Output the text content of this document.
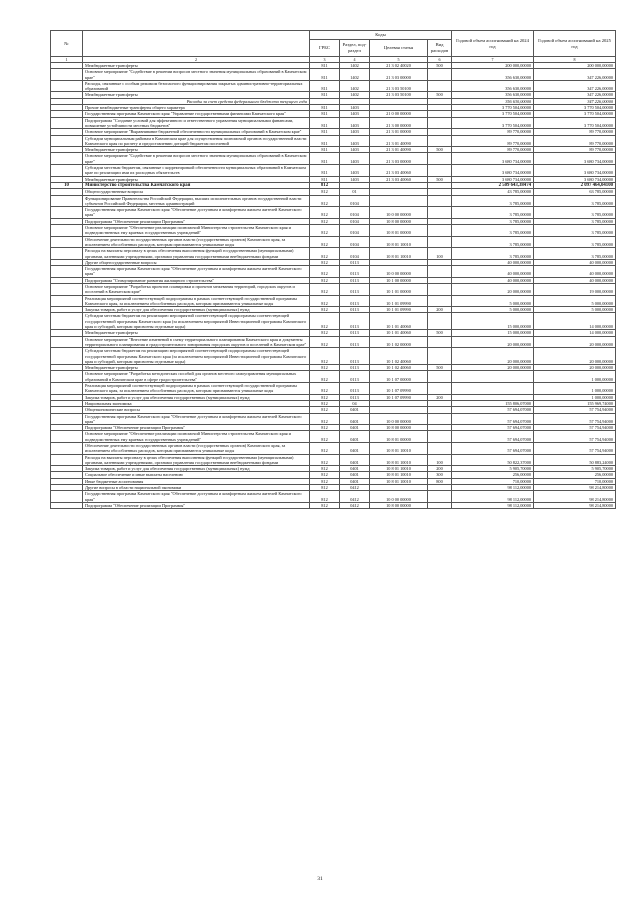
№		Коды				Годовой объем ассигнований на 2024 год	Годовой объем ассигнований на 2025 год
		ГРБС	Раздел, под-раздел	Целевая статья	Вид расходов		
1	2	3	4	5	6	7	8
	Межбюджетные трансферты	811	1402	21 3 02 40020	500	200 000,00000	200 000,00000
	Основное мероприятие "Содействие в решении вопросов местного значения муниципальных образований в Камчатском крае"	811	1402	21 3 03 00000		356 630,00000	347 226,00000
	Расходы, связанные с особым режимом безопасного функционирования закрытых административно-территориальных образований	811	1402	21 3 03 50100		356 630,00000	347 226,00000
	Межбюджетные трансферты	811	1402	21 3 03 50100	500	356 630,00000	347 226,00000
	Расходы за счет средств федерального бюджета текущего года					356 630,00000	347 226,00000
	Прочие межбюджетные трансферты общего характера	811	1403			3 770 504,00000	3 770 504,00000
	Государственная программа Камчатского края "Управление государственными финансами Камчатского края"	811	1403	21 0 00 00000		3 770 504,00000	3 770 504,00000
	Подпрограмма "Создание условий для эффективного и ответственного управления муниципальными финансами, повышение устойчивости местных бюджетов"	811	1403	21 3 00 00000		3 770 504,00000	3 770 504,00000
	Основное мероприятие "Выравнивание бюджетной обеспеченности муниципальных образований в Камчатском крае"	811	1403	21 3 01 00000		89 770,00000	89 770,00000
	Субсидии муниципальным районам в Камчатском крае для осуществления полномочий органов государственной власти Камчатского края по расчету и предоставлению дотаций бюджетам поселений	811	1403	21 3 01 40090		89 770,00000	89 770,00000
	Межбюджетные трансферты	811	1403	21 3 01 40090	500	89 770,00000	89 770,00000
	Основное мероприятие "Содействие в решении вопросов местного значения муниципальных образований в Камчатском крае"	811	1403	21 3 03 00000		3 680 734,00000	3 680 734,00000
	Субсидии местным бюджетам, связанные с корректировкой обеспеченности муниципальных образований в Камчатском крае по реализации ими их расходных обязательств	811	1403	21 3 03 40060		3 680 734,00000	3 680 734,00000
	Межбюджетные трансферты	811	1403	21 3 03 40060	500	3 680 734,00000	3 680 734,00000
10	Министерство строительства Камчатского края	812				2 509 643,38474	2 097 464,04100
	Общегосударственные вопросы	812	01			43 785,00000	63 785,00000
	Функционирование Правительства Российской Федерации, высших исполнительных органов государственной власти субъектов Российской Федерации, местных администраций	812	0104			3 785,00000	3 785,00000
	Государственная программа Камчатского края "Обеспечение доступным и комфортным жильем жителей Камчатского края"	812	0104	10 0 00 00000		3 785,00000	3 785,00000
	Подпрограмма "Обеспечение реализации Программы"	812	0104	10 8 00 00000		3 785,00000	3 785,00000
	Основное мероприятие "Обеспечение реализации полномочий Министерства строительства Камчатского края и подведомственных ему краевых государственных учреждений"	812	0104	10 8 01 00000		3 785,00000	3 785,00000
	Обеспечение деятельности государственных органов власти (государственных органов) Камчатского края, за исключением обособленных расходов, которым присваиваются уникальные коды	812	0104	10 8 01 10010		3 785,00000	3 785,00000
	Расходы на выплаты персоналу в целях обеспечения выполнения функций государственными (муниципальными) органами, казенными учреждениями, органами управления государственными внебюджетными фондами	812	0104	10 8 01 10010	100	3 785,00000	3 785,00000
	Другие общегосударственные вопросы	812	0113			40 000,00000	40 000,00000
	Государственная программа Камчатского края "Обеспечение доступным и комфортным жильем жителей Камчатского края"	812	0113	10 0 00 00000		40 000,00000	40 000,00000
	Подпрограмма "Стимулирование развития жилищного строительства"	812	0113	10 1 00 00000		40 000,00000	40 000,00000
	Основное мероприятие "Разработка проектов планировки и проектов межевания территорий, городских округов и поселений в Камчатском крае"	812	0113	10 1 01 00000		20 000,00000	19 000,00000
	Реализация мероприятий соответствующей подпрограммы в рамках соответствующей государственной программы Камчатского края, за исключением обособленных расходов, которым присваиваются уникальные коды	812	0113	10 1 01 09990		5 000,00000	5 000,00000
	Закупка товаров, работ и услуг для обеспечения государственных (муниципальных) нужд	812	0113	10 1 01 09990	200	5 000,00000	5 000,00000
	Субсидии местным бюджетам на реализацию мероприятий соответствующей подпрограммы соответствующей государственной программы Камчатского края (за исключением мероприятий Инвестиционной программы Камчатского края и субсидий, которым присвоены отдельные коды)	812	0113	10 1 01 40060		15 000,00000	14 000,00000
	Межбюджетные трансферты	812	0113	10 1 01 40060	500	15 000,00000	14 000,00000
	Основное мероприятие "Внесение изменений в схему территориального планирования Камчатского края и документы территориального планирования и градостроительного зонирования городских округов и поселений в Камчатском крае"	812	0113	10 1 02 00000		20 000,00000	20 000,00000
	Субсидии местным бюджетам на реализацию мероприятий соответствующей подпрограммы соответствующей государственной программы Камчатского края (за исключением мероприятий Инвестиционной программы Камчатского края и субсидий, которым присвоены отдельные коды)	812	0113	10 1 02 40060		20 000,00000	20 000,00000
	Межбюджетные трансферты	812	0113	10 1 02 40060	500	20 000,00000	20 000,00000
	Основное мероприятие "Разработка методических пособий для органов местного самоуправления муниципальных образований в Камчатском крае в сфере градостроительства"	812	0113	10 1 07 00000			1 000,00000
	Реализация мероприятий соответствующей подпрограммы в рамках соответствующей государственной программы Камчатского края, за исключением обособленных расходов, которым присваиваются уникальные коды	812	0113	10 1 07 09990			1 000,00000
	Закупка товаров, работ и услуг для обеспечения государственных (муниципальных) нужд	812	0113	10 1 07 09990	200		1 000,00000
	Национальная экономика	812	04			155 806,07000	155 969,74000
	Общеэкономические вопросы	812	0401			57 694,07000	57 754,94000
	Государственная программа Камчатского края "Обеспечение доступным и комфортным жильем жителей Камчатского края"	812	0401	10 0 00 00000		57 694,07000	57 754,94000
	Подпрограмма "Обеспечение реализации Программы"	812	0401	10 8 00 00000		57 694,07000	57 754,94000
	Основное мероприятие "Обеспечение реализации полномочий Министерства строительства Камчатского края и подведомственных ему краевых государственных учреждений"	812	0401	10 8 01 00000		57 694,07000	57 754,94000
	Обеспечение деятельности государственных органов власти (государственных органов) Камчатского края, за исключением обособленных расходов, которым присваиваются уникальные коды	812	0401	10 8 01 10010		57 694,07000	57 754,94000
	Расходы на выплаты персоналу в целях обеспечения выполнения функций государственными (муниципальными) органами, казенными учреждениями, органами управления государственными внебюджетными фондами	812	0401	10 8 01 10010	100	50 822,37000	50 883,24000
	Закупка товаров, работ и услуг для обеспечения государственных (муниципальных) нужд	812	0401	10 8 01 10010	200	5 905,70000	5 905,70000
	Социальное обеспечение и иные выплаты населению	812	0401	10 8 01 10010	300	256,00000	256,00000
	Иные бюджетные ассигнования	812	0401	10 8 01 10010	800	710,00000	710,00000
	Другие вопросы в области национальной экономики	812	0412			98 112,00000	98 214,80000
	Государственная программа Камчатского края "Обеспечение доступным и комфортным жильем жителей Камчатского края"	812	0412	10 0 00 00000		98 112,00000	98 214,80000
	Подпрограмма "Обеспечение реализации Программы"	812	0412	10 8 00 00000		98 112,00000	98 214,80000
31
